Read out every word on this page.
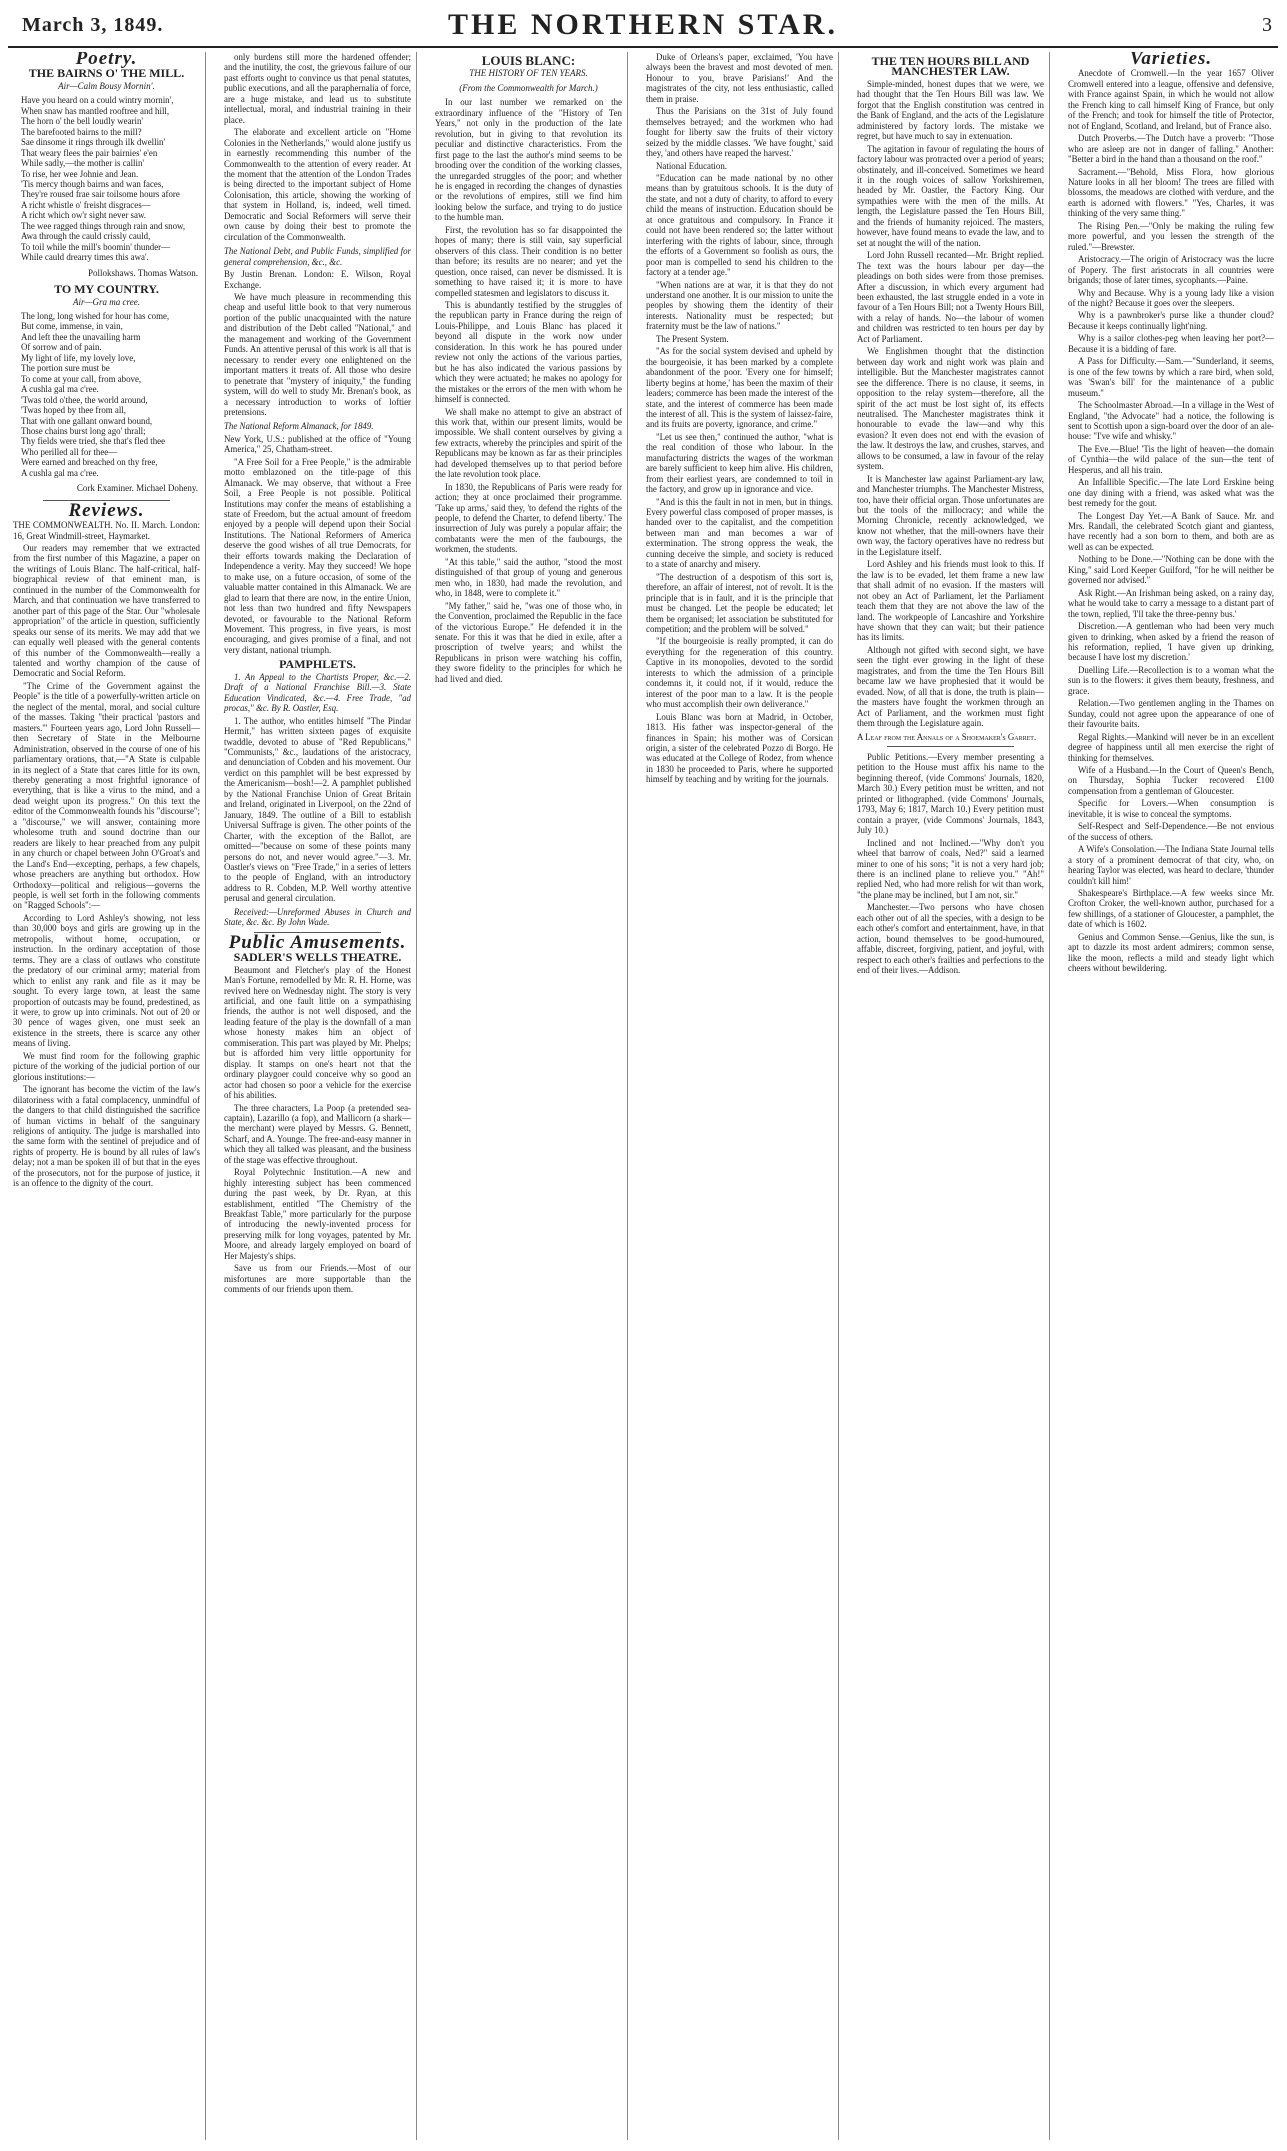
March 3, 1849.	THE NORTHERN STAR.	3
Poetry.
THE BAIRNS O' THE MILL.
Air—Calm Bousy Mornin'.
Have you heard on a could wintry mornin',
When snaw has mantled rooftree and hill,
The horn o' the bell loudly wearin'
The barefooted bairns to the mill?
Sae dinsome it rings through ilk dwellin'
That weary flees the pair bairnies' e'en
While sadly,—the mother is callin'
To rise, her wee Johnie and Jean.
'Tis mercy though bairns and wan faces,
They're roused frae sair toilsome hours afore
A richt whistle o' freisht disgraces—
A richt which ow'r sight never saw.
The wee ragged things through rain and snow,
Awa through the cauld crissly cauld,
To toil while the mill's boomin' thunder—
While cauld drearry times this awa'.
Pollokshaws. Thomas Watson.
TO MY COUNTRY.
Air—Gra ma cree.
The long, long wished for hour has come,
But come, immense, in vain,
And left thee the unavailing harm
Of sorrow and of pain.
My light of life, my lovely love,
The portion sure must be
To come at your call, from above,
A cushla gal ma c'ree.
'Twas told o'thee, the world around,
'Twas hoped by thee from all,
That with one gallant onward bound,
Those chains burst long ago' thrall;
Thy fields were tried, she that's fled thee
Who perilled all for thee—
Were earned and breached on thy free,
A cushla gal ma c'ree.
Cork Examiner. Michael Doheny.
Reviews.

THE COMMONWEALTH. No. II. March. London: 16, Great Windmill-street, Haymarket.

Our readers may remember that we extracted from the first number of this Magazine, a paper on the writings of Louis Blanc. The half-critical, half-biographical review of that eminent man, is continued in the number of the Commonwealth for March, and that continuation we have transferred to another part of this page of the Star. Our "wholesale appropriation" of the article in question, sufficiently speaks our sense of its merits. We may add that we can equally well pleased with the general contents of this number of the Commonwealth—really a talented and worthy champion of the cause of Democratic and Social Reform.

"The Crime of the Government against the People" is the title of a powerfully-written article on the neglect of the mental, moral, and social culture of the masses. Taking "their practical 'pastors and masters.'" Fourteen years ago, Lord John Russell—then Secretary of State in the Melbourne Administration, observed in the course of one of his parliamentary orations, that,—"A State is culpable in its neglect of a State that cares little for its own, thereby generating a most frightful ignorance of everything, that is like a virus to the mind, and a dead weight upon its progress." On this text the editor of the Commonwealth founds his "discourse"; a "discourse," we will answer, containing more wholesome truth and sound doctrine than our readers are likely to hear preached from any pulpit in any church or chapel between John O'Groat's and the Land's End—excepting, perhaps, a few chapels, whose preachers are anything but orthodox. How Orthodoxy—political and religious—governs the people, is well set forth in the following comments on "Ragged Schools":—

According to Lord Ashley's showing, not less than 30,000 boys and girls are growing up in the metropolis, without home, occupation, or instruction. In the ordinary acceptation of those terms. They are a class of outlaws who constitute the predatory of our criminal army; material from which to enlist any rank and file as it may be sought. To every large town, at least the same proportion of outcasts may be found, predestined, as it were, to grow up into criminals. Not out of 20 or 30 pence of wages given, one must seek an existence in the streets, there is scarce any other means of living.

We must find room for the following graphic picture of the working of the judicial portion of our glorious institutions:—

The ignorant has become the victim of the law's dilatoriness with a fatal complacency, unmindful of the dangers to that child distinguished the sacrifice of human victims in behalf of the sanguinary religions of antiquity. The judge is marshalled into the same form with the sentinel of prejudice and of rights of property. He is bound by all rules of law's delay; not a man be spoken ill of but that in the eyes of the prosecutors, not for the purpose of justice, it is an offence to the dignity of the court.

only burdens still more the hardened offender; and the inutility, the cost, the grievous failure of our past efforts ought to convince us that penal statutes, public executions, and all the paraphernalia of force, are a huge mistake, and lead us to substitute intellectual, moral, and industrial training in their place.

The elaborate and excellent article on "Home Colonies in the Netherlands," would alone justify us in earnestly recommending this number of the Commonwealth to the attention of every reader. At the moment that the attention of the London Trades is being directed to the important subject of Home Colonisation, this article, showing the working of that system in Holland, is, indeed, well timed. Democratic and Social Reformers will serve their own cause by doing their best to promote the circulation of the Commonwealth.

The National Debt, and Public Funds, simplified for general comprehension, &c., &c.

By Justin Brenan. London: E. Wilson, Royal Exchange.

We have much pleasure in recommending this cheap and useful little book to that very numerous portion of the public unacquainted with the nature and distribution of the Debt called "National," and the management and working of the Government Funds. An attentive perusal of this work is all that is necessary to render every one enlightened on the important matters it treats of. All those who desire to penetrate that "mystery of iniquity," the funding system, will do well to study Mr. Brenan's book, as a necessary introduction to works of loftier pretensions.

The National Reform Almanack, for 1849.

New York, U.S.: published at the office of "Young America," 25, Chatham-street.

"A Free Soil for a Free People," is the admirable motto emblazoned on the title-page of this Almanack. We may observe, that without a Free Soil, a Free People is not possible. Political Institutions may confer the means of establishing a state of Freedom, but the actual amount of freedom enjoyed by a people will depend upon their Social Institutions. The National Reformers of America deserve the good wishes of all true Democrats, for their efforts towards making the Declaration of Independence a verity. May they succeed! We hope to make use, on a future occasion, of some of the valuable matter contained in this Almanack. We are glad to learn that there are now, in the entire Union, not less than two hundred and fifty Newspapers devoted, or favourable to the National Reform Movement. This progress, in five years, is most encouraging, and gives promise of a final, and not very distant, national triumph.

PAMPHLETS.

1. An Appeal to the Chartists Proper, &c.—2. Draft of a National Franchise Bill.—3. State Education Vindicated, &c.—4. Free Trade, "ad procas," &c. By R. Oastler, Esq.

1. The author, who entitles himself "The Pindar Hermit," has written sixteen pages of exquisite twaddle, devoted to abuse of "Red Republicans," "Communists," &c., laudations of the aristocracy, and denunciation of Cobden and his movement. Our verdict on this pamphlet will be best expressed by the Americanism—bosh!—2. A pamphlet published by the National Franchise Union of Great Britain and Ireland, originated in Liverpool, on the 22nd of January, 1849. The outline of a Bill to establish Universal Suffrage is given. The other points of the Charter, with the exception of the Ballot, are omitted—"because on some of these points many persons do not, and never would agree."—3. Mr. Oastler's views on "Free Trade," in a series of letters to the people of England, with an introductory address to R. Cobden, M.P. Well worthy attentive perusal and general circulation.

Received:—Unreformed Abuses in Church and State, &c. &c. By John Wade.

Public Amusements.
SADLER'S WELLS THEATRE.

Beaumont and Fletcher's play of the Honest Man's Fortune, remodelled by Mr. R. H. Horne, was revived here on Wednesday night. The story is very artificial, and one fault little on a sympathising friends, the author is not well disposed, and the leading feature of the play is the downfall of a man whose honesty makes him an object of commiseration. This part was played by Mr. Phelps; but is afforded him very little opportunity for display. It stamps on one's heart not that the ordinary playgoer could conceive why so good an actor had chosen so poor a vehicle for the exercise of his abilities.

The three characters, La Poop (a pretended sea-captain), Lazarillo (a fop), and Mallicorn (a shark—the merchant) were played by Messrs. G. Bennett, Scharf, and A. Younge. The free-and-easy manner in which they all talked was pleasant, and the business of the stage was effective throughout.

Royal Polytechnic Institution.—A new and highly interesting subject has been commenced during the past week, by Dr. Ryan, at this establishment, entitled "The Chemistry of the Breakfast Table," more particularly for the purpose of introducing the newly-invented process for preserving milk for long voyages, patented by Mr. Moore, and already largely employed on board of Her Majesty's ships.

Save us from our Friends.—Most of our misfortunes are more supportable than the comments of our friends upon them.

LOUIS BLANC:
THE HISTORY OF TEN YEARS.
(From the Commonwealth for March.)

In our last number we remarked on the extraordinary influence of the "History of Ten Years," not only in the production of the late revolution, but in giving to that revolution its peculiar and distinctive characteristics. From the first page to the last the author's mind seems to be brooding over the condition of the working classes, the unregarded struggles of the poor; and whether he is engaged in recording the changes of dynasties or the revolutions of empires, still we find him looking below the surface, and trying to do justice to the humble man.

First, the revolution has so far disappointed the hopes of many; there is still vain, say superficial observers of this class. Their condition is no better than before; its results are no nearer; and yet the question, once raised, can never be dismissed. It is something to have raised it; it is more to have compelled statesmen and legislators to discuss it.

This is abundantly testified by the struggles of the republican party in France during the reign of Louis-Philippe, and Louis Blanc has placed it beyond all dispute in the work now under consideration. In this work he has poured under review not only the actions of the various parties, but he has also indicated the various passions by which they were actuated; he makes no apology for the mistakes or the errors of the men with whom he himself is connected.

We shall make no attempt to give an abstract of this work that, within our present limits, would be impossible. We shall content ourselves by giving a few extracts, whereby the principles and spirit of the Republicans may be known as far as their principles had developed themselves up to that period before the late revolution took place.

In 1830, the Republicans of Paris were ready for action; they at once proclaimed their programme. 'Take up arms,' said they, 'to defend the rights of the people, to defend the Charter, to defend liberty.' The insurrection of July was purely a popular affair; the combatants were the men of the faubourgs, the workmen, the students.

"At this table," said the author, "stood the most distinguished of that group of young and generous men who, in 1830, had made the revolution, and who, in 1848, were to complete it."

"My father," said he, "was one of those who, in the Convention, proclaimed the Republic in the face of the victorious Europe." He defended it in the senate. For this it was that he died in exile, after a proscription of twelve years; and whilst the Republicans in prison were watching his coffin, they swore fidelity to the principles for which he had lived and died.

Duke of Orleans's paper, exclaimed, 'You have always been the bravest and most devoted of men. Honour to you, brave Parisians!' And the magistrates of the city, not less enthusiastic, called them in praise.

Thus the Parisians on the 31st of July found themselves betrayed; and the workmen who had fought for liberty saw the fruits of their victory seized by the middle classes. 'We have fought,' said they, 'and others have reaped the harvest.'

National Education.

"Education can be made national by no other means than by gratuitous schools. It is the duty of the state, and not a duty of charity, to afford to every child the means of instruction. Education should be at once gratuitous and compulsory. In France it could not have been rendered so; the latter without interfering with the rights of labour, since, through the efforts of a Government so foolish as ours, the poor man is compelled to send his children to the factory at a tender age."

"When nations are at war, it is that they do not understand one another. It is our mission to unite the peoples by showing them the identity of their interests. Nationality must be respected; but fraternity must be the law of nations."

The Present System.

"As for the social system devised and upheld by the bourgeoisie, it has been marked by a complete abandonment of the poor. 'Every one for himself; liberty begins at home,' has been the maxim of their leaders; commerce has been made the interest of the state, and the interest of commerce has been made the interest of all. This is the system of laissez-faire, and its fruits are poverty, ignorance, and crime."

"Let us see then," continued the author, "what is the real condition of those who labour. In the manufacturing districts the wages of the workman are barely sufficient to keep him alive. His children, from their earliest years, are condemned to toil in the factory, and grow up in ignorance and vice.

"And is this the fault in not in men, but in things. Every powerful class composed of proper masses, is handed over to the capitalist, and the competition between man and man becomes a war of extermination. The strong oppress the weak, the cunning deceive the simple, and society is reduced to a state of anarchy and misery.

"The destruction of a despotism of this sort is, therefore, an affair of interest, not of revolt. It is the principle that is in fault, and it is the principle that must be changed. Let the people be educated; let them be organised; let association be substituted for competition; and the problem will be solved."

"If the bourgeoisie is really prompted, it can do everything for the regeneration of this country. Captive in its monopolies, devoted to the sordid interests to which the admission of a principle condemns it, it could not, if it would, reduce the interest of the poor man to a law. It is the people who must accomplish their own deliverance."

Louis Blanc was born at Madrid, in October, 1813. His father was inspector-general of the finances in Spain; his mother was of Corsican origin, a sister of the celebrated Pozzo di Borgo. He was educated at the College of Rodez, from whence in 1830 he proceeded to Paris, where he supported himself by teaching and by writing for the journals.

THE TEN HOURS BILL AND MANCHESTER LAW.

Simple-minded, honest dupes that we were, we had thought that the Ten Hours Bill was law. We forgot that the English constitution was centred in the Bank of England, and the acts of the Legislature administered by factory lords. The mistake we regret, but have much to say in extenuation.

The agitation in favour of regulating the hours of factory labour was protracted over a period of years; obstinately, and ill-conceived. Sometimes we heard it in the rough voices of sallow Yorkshiremen, headed by Mr. Oastler, the Factory King. Our sympathies were with the men of the mills. At length, the Legislature passed the Ten Hours Bill, and the friends of humanity rejoiced. The masters, however, have found means to evade the law, and to set at nought the will of the nation.

Lord John Russell recanted—Mr. Bright replied. The text was the hours labour per day—the pleadings on both sides were from those premises. After a discussion, in which every argument had been exhausted, the last struggle ended in a vote in favour of a Ten Hours Bill; not a Twenty Hours Bill, with a relay of hands. No—the labour of women and children was restricted to ten hours per day by Act of Parliament.

We Englishmen thought that the distinction between day work and night work was plain and intelligible. But the Manchester magistrates cannot see the difference. There is no clause, it seems, in opposition to the relay system—therefore, all the spirit of the act must be lost sight of, its effects neutralised. The Manchester magistrates think it honourable to evade the law—and why this evasion? It even does not end with the evasion of the law. It destroys the law, and crushes, starves, and allows to be consumed, a law in favour of the relay system.

It is Manchester law against Parliament-ary law, and Manchester triumphs. The Manchester Mistress, too, have their official organ. Those unfortunates are but the tools of the millocracy; and while the Morning Chronicle, recently acknowledged, we know not whether, that the mill-owners have their own way, the factory operatives have no redress but in the Legislature itself.

Lord Ashley and his friends must look to this. If the law is to be evaded, let them frame a new law that shall admit of no evasion. If the masters will not obey an Act of Parliament, let the Parliament teach them that they are not above the law of the land. The workpeople of Lancashire and Yorkshire have shown that they can wait; but their patience has its limits.

Although not gifted with second sight, we have seen the tight ever growing in the light of these magistrates, and from the time the Ten Hours Bill became law we have prophesied that it would be evaded. Now, of all that is done, the truth is plain—the masters have fought the workmen through an Act of Parliament, and the workmen must fight them through the Legislature again.

A Leaf from the Annals of a Shoemaker's Garret.

Public Petitions.—Every member presenting a petition to the House must affix his name to the beginning thereof, (vide Commons' Journals, 1820, March 30.) Every petition must be written, and not printed or lithographed. (vide Commons' Journals, 1793, May 6; 1817, March 10.) Every petition must contain a prayer, (vide Commons' Journals, 1843, July 10.)

Inclined and not Inclined.—"Why don't you wheel that barrow of coals, Ned?" said a learned miner to one of his sons; "it is not a very hard job; there is an inclined plane to relieve you." "Ah!" replied Ned, who had more relish for wit than work, "the plane may be inclined, but I am not, sir."

Manchester.—Two persons who have chosen each other out of all the species, with a design to be each other's comfort and entertainment, have, in that action, bound themselves to be good-humoured, affable, discreet, forgiving, patient, and joyful, with respect to each other's frailties and perfections to the end of their lives.—Addison.

Varieties.

Anecdote of Cromwell.—In the year 1657 Oliver Cromwell entered into a league, offensive and defensive, with France against Spain, in which he would not allow the French king to call himself King of France, but only of the French; and took for himself the title of Protector, not of England, Scotland, and Ireland, but of France also.

Dutch Proverbs.—The Dutch have a proverb: "Those who are asleep are not in danger of falling." Another: "Better a bird in the hand than a thousand on the roof."

Sacrament.—"Behold, Miss Flora, how glorious Nature looks in all her bloom! The trees are filled with blossoms, the meadows are clothed with verdure, and the earth is adorned with flowers." "Yes, Charles, it was thinking of the very same thing."

The Rising Pen.—"Only be making the ruling few more powerful, and you lessen the strength of the ruled."—Brewster.

Aristocracy.—The origin of Aristocracy was the lucre of Popery. The first aristocrats in all countries were brigands; those of later times, sycophants.—Paine.

Why and Because. Why is a young lady like a vision of the night? Because it goes over the sleepers.

Why is a pawnbroker's purse like a thunder cloud? Because it keeps continually light'ning.

Why is a sailor clothes-peg when leaving her port?—Because it is a bidding of fare.

A Pass for Difficulty.—Sam.—"Sunderland, it seems, is one of the few towns by which a rare bird, when sold, was 'Swan's bill' for the maintenance of a public museum."

The Schoolmaster Abroad.—In a village in the West of England, "the Advocate" had a notice, the following is sent to Scottish upon a sign-board over the door of an ale-house: "I've wife and whisky."

The Eve.—Blue! 'Tis the light of heaven—the domain of Cynthia—the wild palace of the sun—the tent of Hesperus, and all his train.

An Infallible Specific.—The late Lord Erskine being one day dining with a friend, was asked what was the best remedy for the gout.

The Longest Day Yet.—A Bank of Sauce. Mr. and Mrs. Randall, the celebrated Scotch giant and giantess, have recently had a son born to them, and both are as well as can be expected.

Nothing to be Done.—"Nothing can be done with the King," said Lord Keeper Guilford, "for he will neither be governed nor advised."

Ask Right.—An Irishman being asked, on a rainy day, what he would take to carry a message to a distant part of the town, replied, 'I'll take the three-penny bus.'

Discretion.—A gentleman who had been very much given to drinking, when asked by a friend the reason of his reformation, replied, 'I have given up drinking, because I have lost my discretion.'

Duelling Life.—Recollection is to a woman what the sun is to the flowers: it gives them beauty, freshness, and grace.

Relation.—Two gentlemen angling in the Thames on Sunday, could not agree upon the appearance of one of their favourite baits.

Regal Rights.—Mankind will never be in an excellent degree of happiness until all men exercise the right of thinking for themselves.

Wife of a Husband.—In the Court of Queen's Bench, on Thursday, Sophia Tucker recovered £100 compensation from a gentleman of Gloucester.

Specific for Lovers.—When consumption is inevitable, it is wise to conceal the symptoms.

Self-Respect and Self-Dependence.—Be not envious of the success of others.

A Wife's Consolation.—The Indiana State Journal tells a story of a prominent democrat of that city, who, on hearing Taylor was elected, was heard to declare, 'thunder couldn't kill him!'

Shakespeare's Birthplace.—A few weeks since Mr. Crofton Croker, the well-known author, purchased for a few shillings, of a stationer of Gloucester, a pamphlet, the date of which is 1602.

Genius and Common Sense.—Genius, like the sun, is apt to dazzle its most ardent admirers; common sense, like the moon, reflects a mild and steady light which cheers without bewildering.
